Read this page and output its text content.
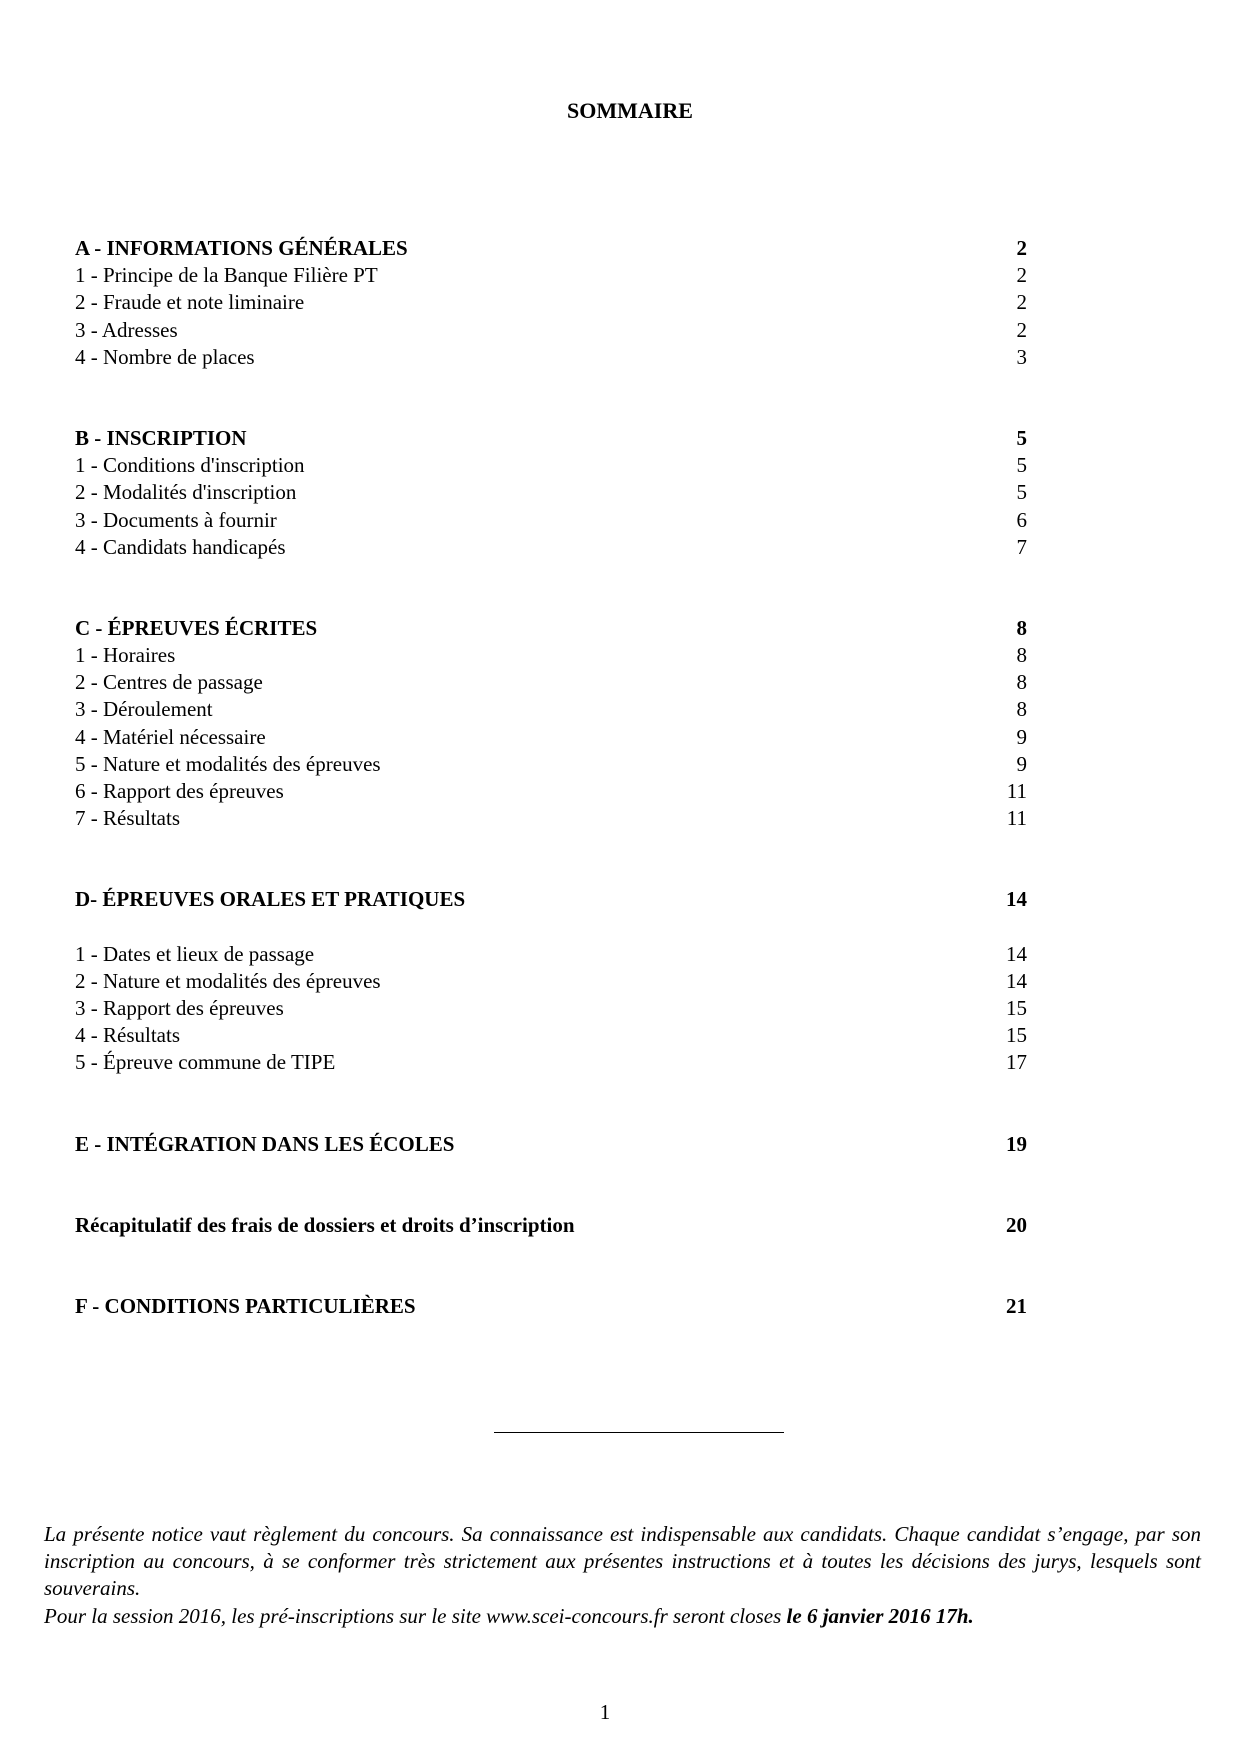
SOMMAIRE
A - INFORMATIONS GÉNÉRALES	2
1 - Principe de la Banque Filière PT	2
2 - Fraude et note liminaire	2
3 - Adresses	2
4 - Nombre de places	3
B - INSCRIPTION	5
1 - Conditions d'inscription	5
2 - Modalités d'inscription	5
3 - Documents à fournir	6
4 - Candidats handicapés	7
C - ÉPREUVES ÉCRITES	8
1 - Horaires	8
2 - Centres de passage	8
3 - Déroulement	8
4 - Matériel nécessaire	9
5 - Nature et modalités des épreuves	9
6 - Rapport des épreuves	11
7 - Résultats	11
D- ÉPREUVES ORALES ET PRATIQUES	14
1 - Dates et lieux de passage	14
2 - Nature et modalités des épreuves	14
3 - Rapport des épreuves	15
4 - Résultats	15
5 - Épreuve commune de TIPE	17
E - INTÉGRATION DANS LES ÉCOLES	19
Récapitulatif des frais de dossiers et droits d’inscription	20
F - CONDITIONS PARTICULIÈRES	21

La présente notice vaut règlement du concours. Sa connaissance est indispensable aux candidats. Chaque candidat s’engage, par son inscription au concours, à se conformer très strictement aux présentes instructions et à toutes les décisions des jurys, lesquels sont souverains.

Pour la session 2016, les pré-inscriptions sur le site www.scei-concours.fr seront closes le 6 janvier 2016 17h.

1
